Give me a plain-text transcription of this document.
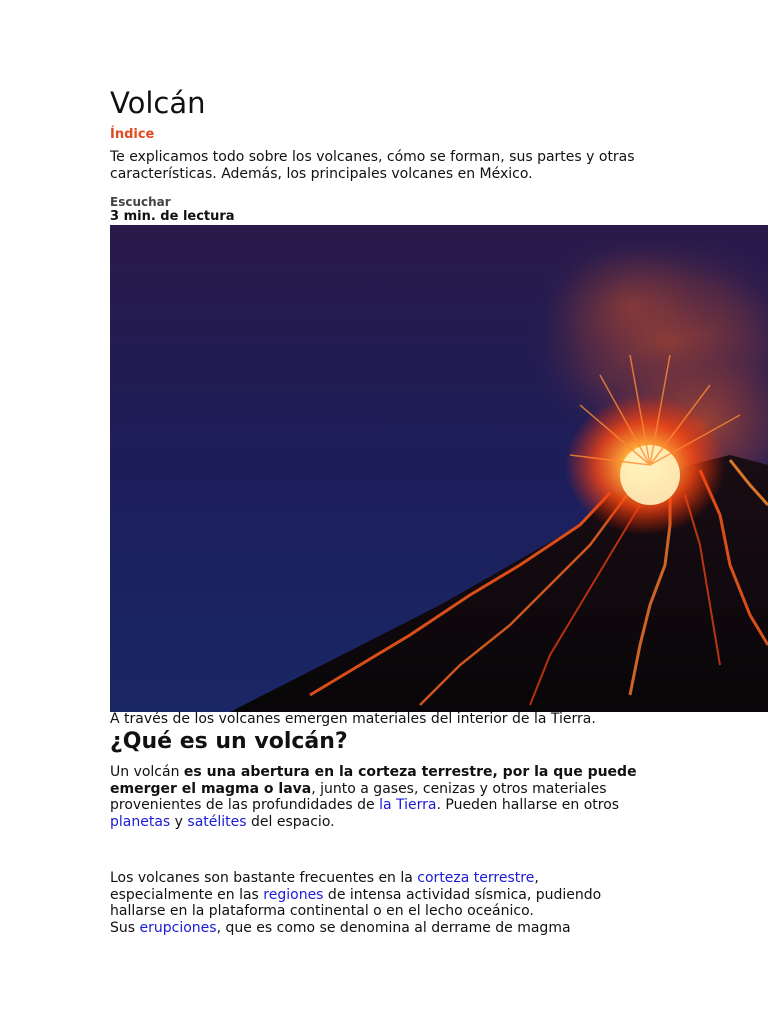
Volcán
Índice
Te explicamos todo sobre los volcanes, cómo se forman, sus partes y otras características. Además, los principales volcanes en México.
Escuchar
3 min. de lectura
A través de los volcanes emergen materiales del interior de la Tierra.
¿Qué es un volcán?

Un volcán es una abertura en la corteza terrestre, por la que puede emerger el magma o lava, junto a gases, cenizas y otros materiales provenientes de las profundidades de la Tierra. Pueden hallarse en otros planetas y satélites del espacio.

Los volcanes son bastante frecuentes en la corteza terrestre, especialmente en las regiones de intensa actividad sísmica, pudiendo hallarse en la plataforma continental o en el lecho oceánico.
Sus erupciones, que es como se denomina al derrame de magma
